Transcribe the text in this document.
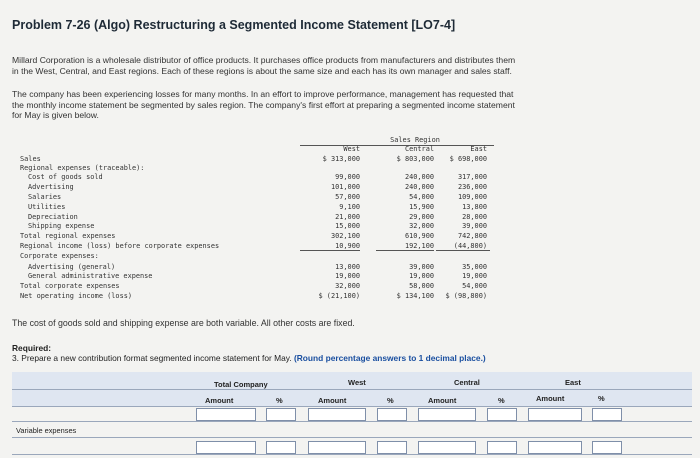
Problem 7-26 (Algo) Restructuring a Segmented Income Statement [LO7-4]
Millard Corporation is a wholesale distributor of office products. It purchases office products from manufacturers and distributes them
in the West, Central, and East regions. Each of these regions is about the same size and each has its own manager and sales staff.
The company has been experiencing losses for many months. In an effort to improve performance, management has requested that
the monthly income statement be segmented by sales region. The company's first effort at preparing a segmented income statement
for May is given below.
Sales Region
West	Central	East
Sales	$ 313,000	$ 803,000	$ 698,000
Regional expenses (traceable):
Cost of goods sold	99,000	240,000	317,000
Advertising	101,000	240,000	236,000
Salaries	57,000	54,000	109,000
Utilities	9,100	15,900	13,800
Depreciation	21,000	29,000	28,000
Shipping expense	15,000	32,000	39,000
Total regional expenses	302,100	610,900	742,800
Regional income (loss) before corporate expenses	10,900	192,100	(44,800)
Corporate expenses:
Advertising (general)	13,000	39,000	35,000
General administrative expense	19,000	19,000	19,000
Total corporate expenses	32,000	58,000	54,000
Net operating income (loss)	$ (21,100)	$ 134,100	$ (98,800)
The cost of goods sold and shipping expense are both variable. All other costs are fixed.
Required:
3. Prepare a new contribution format segmented income statement for May. (Round percentage answers to 1 decimal place.)
Total Company	West	Central	East
Amount	%	Amount	%	Amount	%	Amount	%
Variable expenses
